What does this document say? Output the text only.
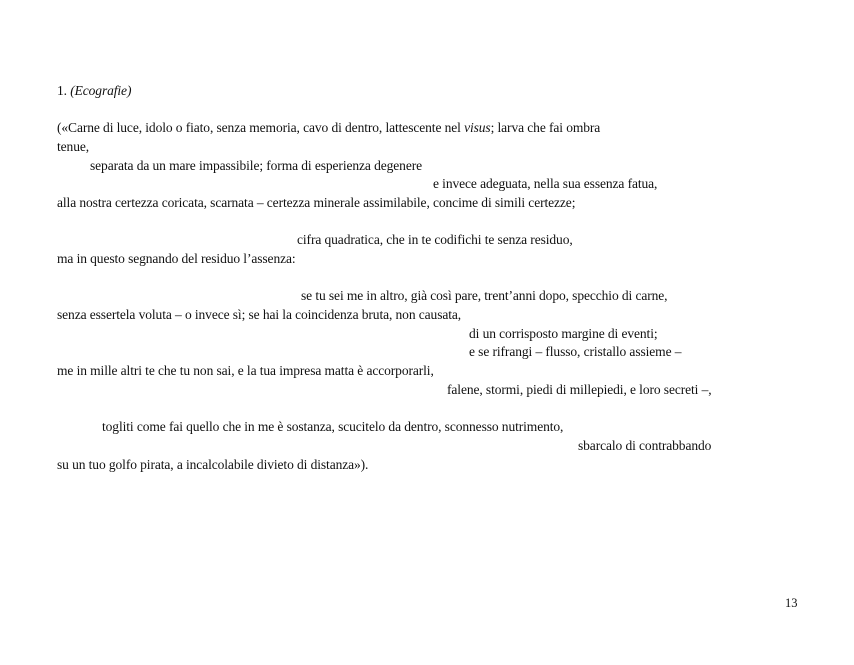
1. (Ecografie)
(«Carne di luce, idolo o fiato, senza memoria, cavo di dentro, lattescente nel visus; larva che fai ombra
tenue,
separata da un mare impassibile; forma di esperienza degenere
e invece adeguata, nella sua essenza fatua,
alla nostra certezza coricata, scarnata – certezza minerale assimilabile, concime di simili certezze;
cifra quadratica, che in te codifichi te senza residuo,
ma in questo segnando del residuo l’assenza:
se tu sei me in altro, già così pare, trent’anni dopo, specchio di carne,
senza essertela voluta – o invece sì; se hai la coincidenza bruta, non causata,
di un corrisposto margine di eventi;
e se rifrangi – flusso, cristallo assieme –
me in mille altri te che tu non sai, e la tua impresa matta è accorporarli,
falene, stormi, piedi di millepiedi, e loro secreti –,
togliti come fai quello che in me è sostanza, scucitelo da dentro, sconnesso nutrimento,
sbarcalo di contrabbando
su un tuo golfo pirata, a incalcolabile divieto di distanza»).
13
